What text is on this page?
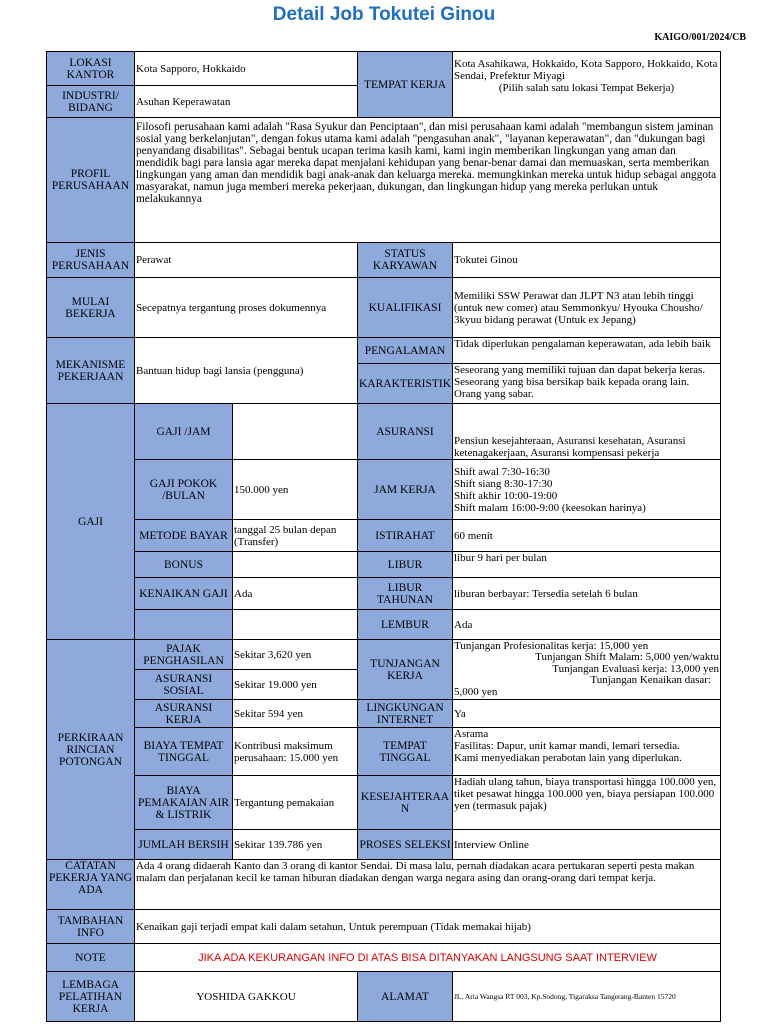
Detail Job Tokutei Ginou
KAIGO/001/2024/CB
LOKASI KANTOR	Kota Sapporo, Hokkaido		TEMPAT KERJA	Kota Asahikawa, Hokkaido, Kota Sapporo, Hokkaido, Kota Sendai, Prefektur Miyagi
(Pilih salah satu lokasi Tempat Bekerja)

INDUSTRI/ BIDANG	Asuhan Keperawatan			
PROFIL PERUSAHAAN	Filosofi perusahaan kami adalah "Rasa Syukur dan Penciptaan", dan misi perusahaan kami adalah "membangun sistem jaminan sosial yang berkelanjutan", dengan fokus utama kami adalah "pengasuhan anak", "layanan keperawatan", dan "dukungan bagi penyandang disabilitas". Sebagai bentuk ucapan terima kasih kami, kami ingin memberikan lingkungan yang aman dan mendidik bagi para lansia agar mereka dapat menjalani kehidupan yang benar-benar damai dan memuaskan, serta memberikan lingkungan yang aman dan mendidik bagi anak-anak dan keluarga mereka. memungkinkan mereka untuk hidup sebagai anggota masyarakat, namun juga memberi mereka pekerjaan, dukungan, dan lingkungan hidup yang mereka perlukan untuk melakukannya			
JENIS PERUSAHAAN	Perawat		STATUS KARYAWAN	Tokutei Ginou
MULAI BEKERJA	Secepatnya tergantung proses dokumennya		KUALIFIKASI	Memiliki SSW Perawat dan JLPT N3 atau lebih tinggi (untuk new comer) atau Semmonkyu/ Hyouka Chousho/ 3kyuu bidang perawat (Untuk ex Jepang)
MEKANISME PEKERJAAN	Bantuan hidup bagi lansia (pengguna)		PENGALAMAN	Tidak diperlukan pengalaman keperawatan, ada lebih baik
			KARAKTERISTIK	Seseorang yang memiliki tujuan dan dapat bekerja keras. Seseorang yang bisa bersikap baik kepada orang lain. Orang yang sabar.
GAJI	GAJI /JAM		ASURANSI	Pensiun kesejahteraan, Asuransi kesehatan, Asuransi ketenagakerjaan, Asuransi kompensasi pekerja
	GAJI POKOK /BULAN	150.000 yen	JAM KERJA	Shift awal 7:30-16:30
Shift siang 8:30-17:30
Shift akhir 10:00-19:00
Shift malam 16:00-9:00 (keesokan harinya)
	METODE BAYAR	tanggal 25 bulan depan (Transfer)	ISTIRAHAT	60 menit
	BONUS		LIBUR	libur 9 hari per bulan
	KENAIKAN GAJI	Ada	LIBUR TAHUNAN	liburan berbayar: Tersedia setelah 6 bulan
			LEMBUR	Ada
PERKIRAAN RINCIAN POTONGAN	PAJAK PENGHASILAN	Sekitar 3,620 yen	TUNJANGAN KERJA	Tunjangan Profesionalitas kerja: 15,000 yen
Tunjangan Shift Malam: 5,000 yen/waktu
Tunjangan Evaluasi kerja: 13,000 yen
Tunjangan Kenaikan dasar:
5,000 yen

	ASURANSI SOSIAL	Sekitar 19.000 yen		
	ASURANSI KERJA	Sekitar 594 yen	LINGKUNGAN INTERNET	Ya
	BIAYA TEMPAT TINGGAL	Kontribusi maksimum perusahaan: 15.000 yen	TEMPAT TINGGAL	Asrama
Fasilitas: Dapur, unit kamar mandi, lemari tersedia.
Kami menyediakan perabotan lain yang diperlukan.
	BIAYA PEMAKAIAN AIR & LISTRIK	Tergantung pemakaian	KESEJAHTERAAN	Hadiah ulang tahun, biaya transportasi hingga 100.000 yen, tiket pesawat hingga 100.000 yen, biaya persiapan 100.000 yen (termasuk pajak)
	JUMLAH BERSIH	Sekitar 139.786 yen	PROSES SELEKSI	Interview Online
CATATAN PEKERJA YANG ADA	Ada 4 orang didaerah Kanto dan 3 orang di kantor Sendai. Di masa lalu, pernah diadakan acara pertukaran seperti pesta makan malam dan perjalanan kecil ke taman hiburan diadakan dengan warga negara asing dan orang-orang dari tempat kerja.			
TAMBAHAN INFO	Kenaikan gaji terjadi empat kali dalam setahun, Untuk perempuan (Tidak memakai hijab)			
NOTE	JIKA ADA KEKURANGAN INFO DI ATAS BISA DITANYAKAN LANGSUNG SAAT INTERVIEW			
LEMBAGA PELATIHAN KERJA	YOSHIDA GAKKOU		ALAMAT	JL. Aria Wangsa RT 003, Kp.Sodong, Tigaraksa Tangerang-Banten 15720
